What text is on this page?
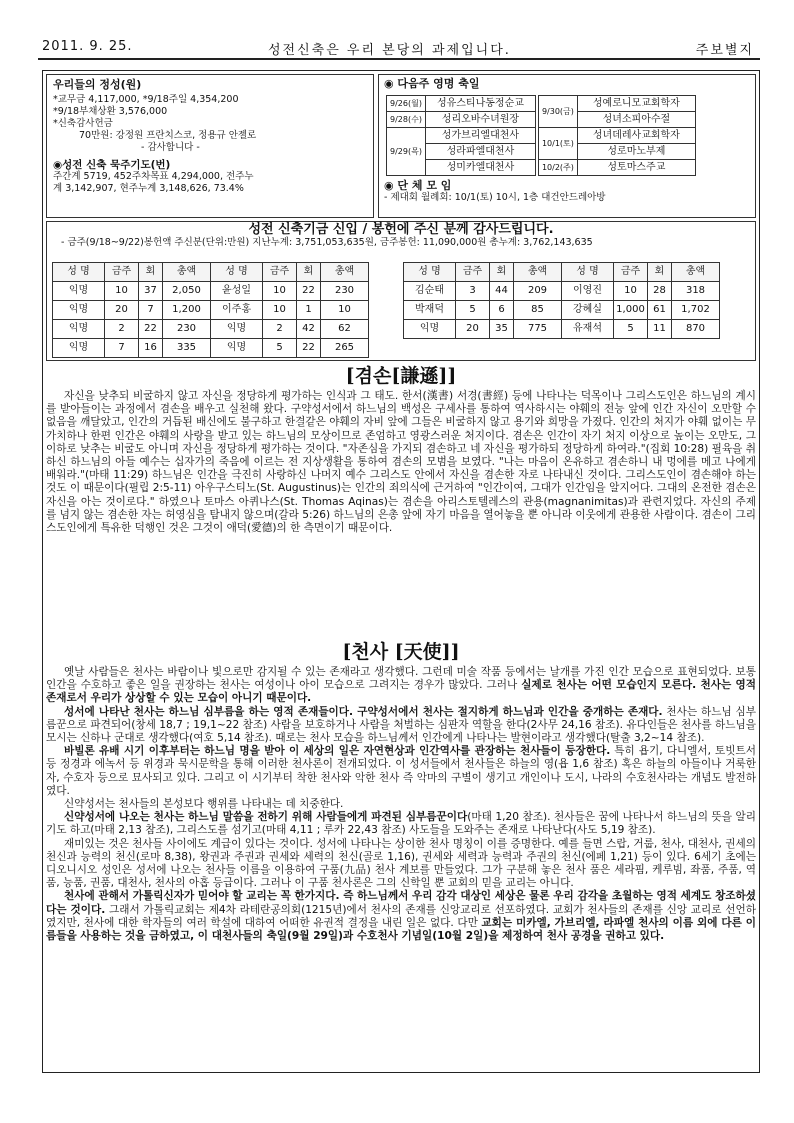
2011. 9. 25.	성전신축은 우리 본당의 과제입니다.	주보별지
우리들의 정성(원)
*교무금 4,117,000, *9/18주일 4,354,200
*9/18부채상환 3,576,000
*신축감사헌금
70만원: 강정원 프란치스코, 정용규 안젤로
- 감사합니다 -
◉성전 신축 묵주기도(번)
주간계 5719, 452주차목표 4,294,000, 전주누
계 3,142,907, 현주누계 3,148,626, 73.4%
◉ 다음주 영명 축일
9/26(월)	성유스티나동정순교
9/28(수)	성리오바수녀원장
9/29(목)	성가브리엘대천사
	성라파엘대천사
	성미카엘대천사
9/30(금)	성예로니모교회학자
	성녀소피아수절
10/1(토)	성녀데레사교회학자
	성로마노부제
10/2(주)	성토마스주교
◉ 단 체 모 임
- 제대회 월례회: 10/1(토) 10시, 1층 대건안드레아방
성전 신축기금 신입 / 봉헌에 주신 분께 감사드립니다.
- 금주(9/18~9/22)봉헌액 주신분(단위:만원) 지난누계: 3,751,053,635원, 금주봉헌: 11,090,000원 총누계: 3,762,143,635
성 명	금주	회	총액	성 명	금주	회	총액
익명	10	37	2,050	윤성일	10	22	230
익명	20	7	1,200	이주홍	10	1	10
익명	2	22	230	익명	2	42	62
익명	7	16	335	익명	5	22	265
성 명	금주	회	총액	성 명	금주	회	총액
김순태	3	44	209	이영진	10	28	318
박재덕	5	6	85	강혜실	1,000	61	1,702
익명	20	35	775	유재석	5	11	870
[겸손[謙遜]]

자신을 낮추되 비굴하지 않고 자신을 정당하게 평가하는 인식과 그 태도. 한서(漢書) 서경(書經) 등에 나타나는 덕목이나 그리스도인은 하느님의 계시를 받아들이는 과정에서 겸손을 배우고 실천해 왔다. 구약성서에서 하느님의 백성은 구세사를 통하여 역사하시는 야훼의 전능 앞에 인간 자신이 오만할 수 없음을 깨달았고, 인간의 거듭된 배신에도 불구하고 한결같은 야훼의 자비 앞에 그들은 비굴하지 않고 용기와 희망을 가졌다. 인간의 처지가 야훼 없이는 무가치하나 한편 인간은 야훼의 사랑을 받고 있는 하느님의 모상이므로 존엄하고 영광스러운 처지이다. 겸손은 인간이 자기 처지 이상으로 높이는 오만도, 그 이하로 낮추는 비굴도 아니며 자신을 정당하게 평가하는 것이다. "자존심을 가지되 겸손하고 네 자신을 평가하되 정당하게 하여라."(집회 10:28) 필육을 취하신 하느님의 아들 예수는 십자가의 죽음에 이르는 전 지상생활을 통하여 겸손의 모범을 보였다. "나는 마음이 온유하고 겸손하니 내 멍에를 메고 나에게 배워라."(마태 11:29) 하느님은 인간을 극진히 사랑하신 나머지 예수 그리스도 안에서 자신을 겸손한 자로 나타내신 것이다. 그리스도인이 겸손해야 하는 것도 이 때문이다(필립 2:5-11) 아우구스티노(St. Augustinus)는 인간의 죄의식에 근거하여 "인간이여, 그대가 인간임을 알지어다. 그대의 온전한 겸손은 자신을 아는 것이로다." 하였으나 토마스 아퀴나스(St. Thomas Aqinas)는 겸손을 아리스토텔레스의 관용(magnanimitas)과 관련지었다. 자신의 주제를 넘지 않는 겸손한 자는 허영심을 탐내지 않으며(갈라 5:26) 하느님의 은총 앞에 자기 마음을 열어놓을 뿐 아니라 이웃에게 관용한 사람이다. 겸손이 그리스도인에게 특유한 덕행인 것은 그것이 애덕(愛德)의 한 측면이기 때문이다.

[천사 [天使]]

옛날 사람들은 천사는 바람이나 빛으로만 감지될 수 있는 존재라고 생각했다. 그런데 미술 작품 등에서는 날개를 가진 인간 모습으로 표현되었다. 보통 인간을 수호하고 좋은 일을 권장하는 천사는 여성이나 아이 모습으로 그려지는 경우가 많았다. 그러나 실제로 천사는 어떤 모습인지 모른다. 천사는 영적 존재로서 우리가 상상할 수 있는 모습이 아니기 때문이다.

성서에 나타난 천사는 하느님 심부름을 하는 영적 존재들이다. 구약성서에서 천사는 절지하게 하느님과 인간을 중개하는 존재다. 천사는 하느님 심부름꾼으로 파견되어(창세 18,7 ; 19,1~22 참조) 사람을 보호하거나 사람을 처벌하는 심판자 역할을 한다(2사무 24,16 참조). 유다인들은 천사를 하느님을 모시는 신하나 군대로 생각했다(여호 5,14 참조). 때로는 천사 모습을 하느님께서 인간에게 나타나는 발현이라고 생각했다(탈출 3,2~14 참조).

바빌론 유배 시기 이후부터는 하느님 명을 받아 이 세상의 일은 자연현상과 인간역사를 관장하는 천사들이 등장한다. 특히 욥기, 다니엘서, 토빗트서 등 정경과 에녹서 등 위경과 묵시문학을 통해 이러한 천사론이 전개되었다. 이 성서들에서 천사들은 하늘의 영(욥 1,6 참조) 혹은 하늘의 아들이나 거룩한 자, 수호자 등으로 묘사되고 있다. 그리고 이 시기부터 착한 천사와 악한 천사 즉 악마의 구별이 생기고 개인이나 도시, 나라의 수호천사라는 개념도 발전하였다.

신약성서는 천사들의 본성보다 행위를 나타내는 데 치중한다.

신약성서에 나오는 천사는 하느님 말씀을 전하기 위해 사람들에게 파견된 심부름꾼이다(마태 1,20 참조). 천사들은 꿈에 나타나서 하느님의 뜻을 알리기도 하고(마태 2,13 참조), 그리스도를 섬기고(마태 4,11 ; 루카 22,43 참조) 사도들을 도와주는 존재로 나타난다(사도 5,19 참조).

재미있는 것은 천사들 사이에도 계급이 있다는 것이다. 성서에 나타나는 상이한 천사 명칭이 이를 증명한다. 예를 들면 스랍, 거룹, 천사, 대천사, 권세의 천신과 능력의 천신(로마 8,38), 왕권과 주권과 권세와 세력의 천신(골로 1,16), 권세와 세력과 능력과 주권의 천신(에페 1,21) 등이 있다. 6세기 초에는 디오니시오 성인은 성서에 나오는 천사들 이름을 이용하여 구품(九品) 천사 계보를 만들었다. 그가 구분해 놓은 천사 품은 세라핌, 케루빔, 좌품, 주품, 역품, 능품, 권품, 대천사, 천사의 아홉 등급이다. 그러나 이 구품 천사론은 그의 신학일 뿐 교회의 믿을 교리는 아니다.

천사에 관해서 가톨릭신자가 믿어야 할 교리는 꼭 한가지다. 즉 하느님께서 우리 감각 대상인 세상은 물론 우리 감각을 초월하는 영적 세계도 창조하셨다는 것이다. 그래서 가톨릭교회는 제4차 라테란공의회(1215년)에서 천사의 존재를 신앙교리로 선포하였다. 교회가 천사들의 존재를 신앙 교리로 선언하였지만, 천사에 대한 학자들의 여러 학설에 대하여 어떠한 유권적 결정을 내린 일은 없다. 다만 교회는 미카엘, 가브리엘, 라파엘 천사의 이름 외에 다른 이름들을 사용하는 것을 금하였고, 이 대천사들의 축일(9월 29일)과 수호천사 기념일(10월 2일)을 제정하여 천사 공경을 권하고 있다.
